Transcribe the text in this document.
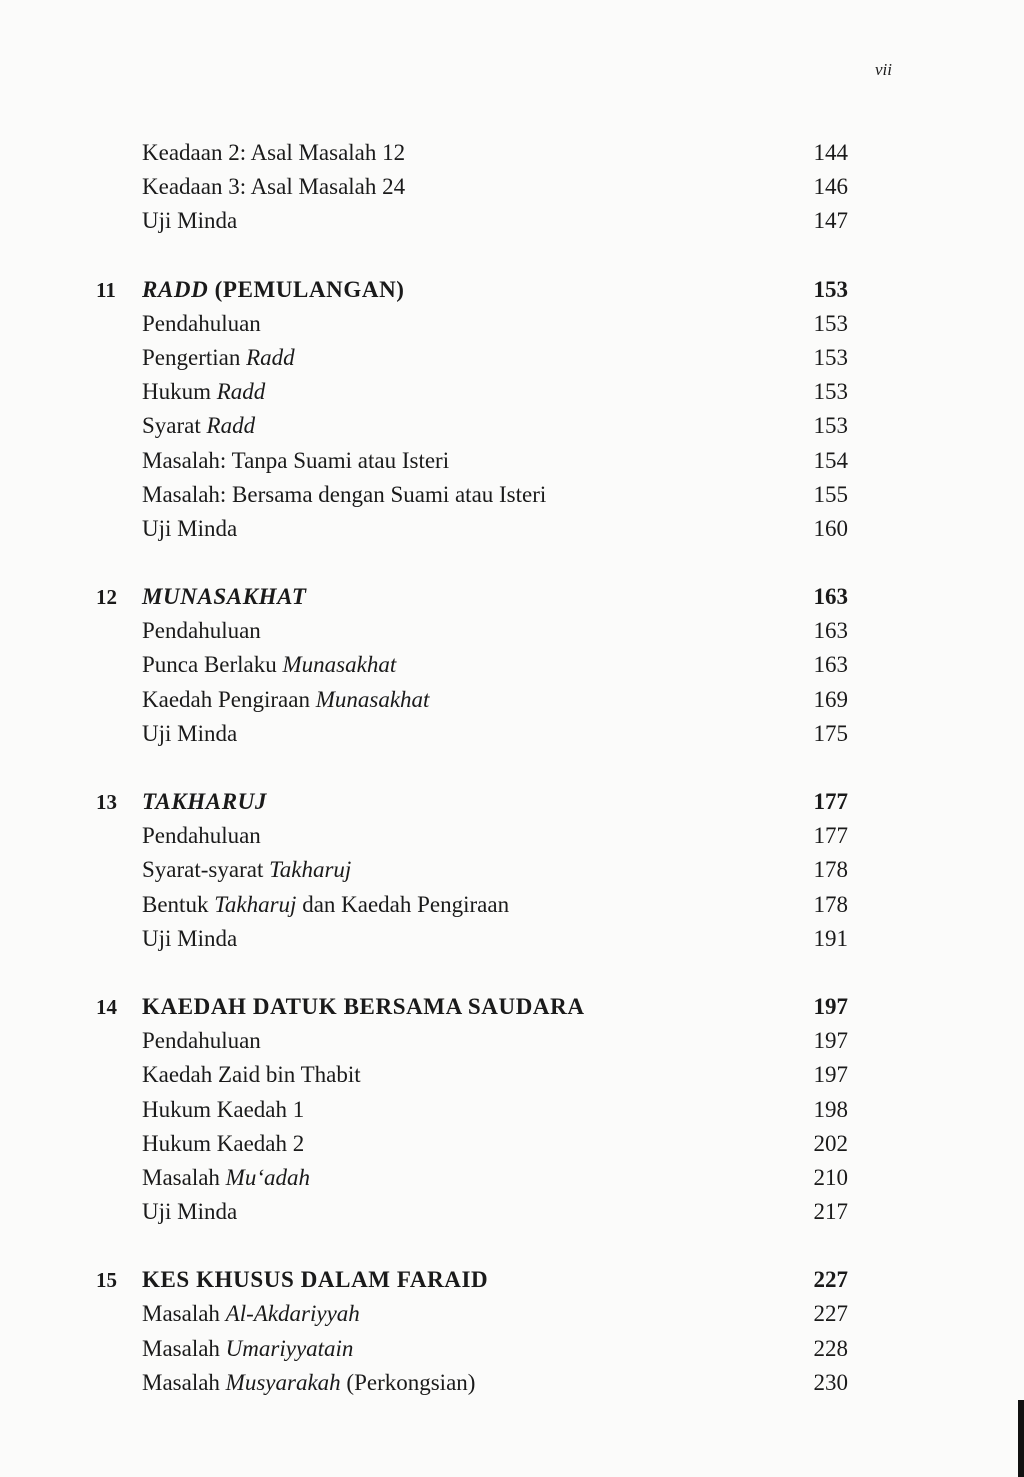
vii
Keadaan 2: Asal Masalah 12	144
Keadaan 3: Asal Masalah 24	146
Uji Minda	147
11	RADD (PEMULANGAN)	153
Pendahuluan	153
Pengertian Radd	153
Hukum Radd	153
Syarat Radd	153
Masalah: Tanpa Suami atau Isteri	154
Masalah: Bersama dengan Suami atau Isteri	155
Uji Minda	160
12	MUNASAKHAT	163
Pendahuluan	163
Punca Berlaku Munasakhat	163
Kaedah Pengiraan Munasakhat	169
Uji Minda	175
13	TAKHARUJ	177
Pendahuluan	177
Syarat-syarat Takharuj	178
Bentuk Takharuj dan Kaedah Pengiraan	178
Uji Minda	191
14	KAEDAH DATUK BERSAMA SAUDARA	197
Pendahuluan	197
Kaedah Zaid bin Thabit	197
Hukum Kaedah 1	198
Hukum Kaedah 2	202
Masalah Mu‘adah	210
Uji Minda	217
15	KES KHUSUS DALAM FARAID	227
Masalah Al-Akdariyyah	227
Masalah Umariyyatain	228
Masalah Musyarakah (Perkongsian)	230
